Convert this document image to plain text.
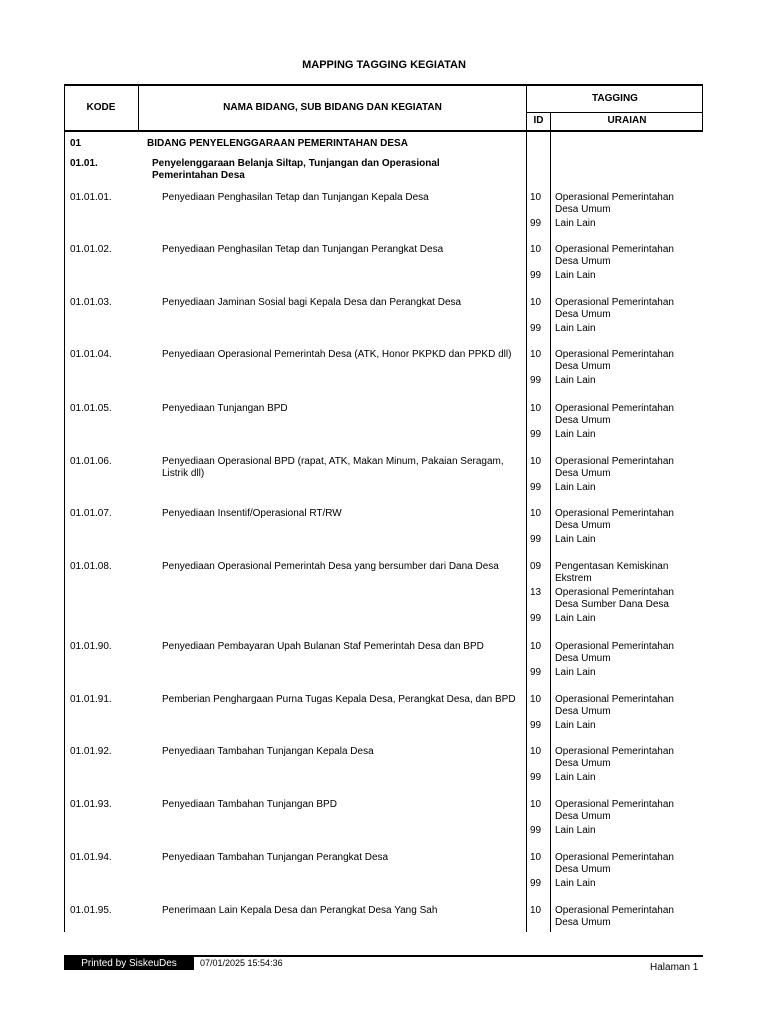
MAPPING TAGGING KEGIATAN
KODE	NAMA BIDANG, SUB BIDANG DAN KEGIATAN
TAGGING
ID	URAIAN
01	BIDANG PENYELENGGARAAN PEMERINTAHAN DESA
01.01.	Penyelenggaraan Belanja Siltap, Tunjangan dan Operasional Pemerintahan Desa
01.01.01.	Penyediaan Penghasilan Tetap dan Tunjangan Kepala Desa	10	Operasional Pemerintahan Desa Umum
99	Lain Lain
01.01.02.	Penyediaan Penghasilan Tetap dan Tunjangan Perangkat Desa	10	Operasional Pemerintahan Desa Umum
99	Lain Lain
01.01.03.	Penyediaan Jaminan Sosial bagi Kepala Desa dan Perangkat Desa	10	Operasional Pemerintahan Desa Umum
99	Lain Lain
01.01.04.	Penyediaan Operasional Pemerintah Desa (ATK, Honor PKPKD dan PPKD dll)	10	Operasional Pemerintahan Desa Umum
99	Lain Lain
01.01.05.	Penyediaan Tunjangan BPD	10	Operasional Pemerintahan Desa Umum
99	Lain Lain
01.01.06.	Penyediaan Operasional BPD (rapat, ATK, Makan Minum, Pakaian Seragam, Listrik dll)
10	Operasional Pemerintahan Desa Umum
99	Lain Lain
01.01.07.	Penyediaan Insentif/Operasional RT/RW	10	Operasional Pemerintahan Desa Umum
99	Lain Lain
01.01.08.	Penyediaan Operasional Pemerintah Desa yang bersumber dari Dana Desa	09	Pengentasan Kemiskinan Ekstrem
13	Operasional Pemerintahan Desa Sumber Dana Desa
99	Lain Lain
01.01.90.	Penyediaan Pembayaran Upah Bulanan Staf Pemerintah Desa dan BPD	10	Operasional Pemerintahan Desa Umum
99	Lain Lain
01.01.91.	Pemberian Penghargaan Purna Tugas Kepala Desa, Perangkat Desa, dan BPD	10	Operasional Pemerintahan Desa Umum
99	Lain Lain
01.01.92.	Penyediaan Tambahan Tunjangan Kepala Desa	10	Operasional Pemerintahan Desa Umum
99	Lain Lain
01.01.93.	Penyediaan Tambahan Tunjangan BPD	10	Operasional Pemerintahan Desa Umum
99	Lain Lain
01.01.94.	Penyediaan Tambahan Tunjangan Perangkat Desa	10	Operasional Pemerintahan Desa Umum
99	Lain Lain
01.01.95.	Penerimaan Lain Kepala Desa dan Perangkat Desa Yang Sah	10	Operasional Pemerintahan Desa Umum
Printed by SiskeuDes	07/01/2025 15:54:36	Halaman 1
